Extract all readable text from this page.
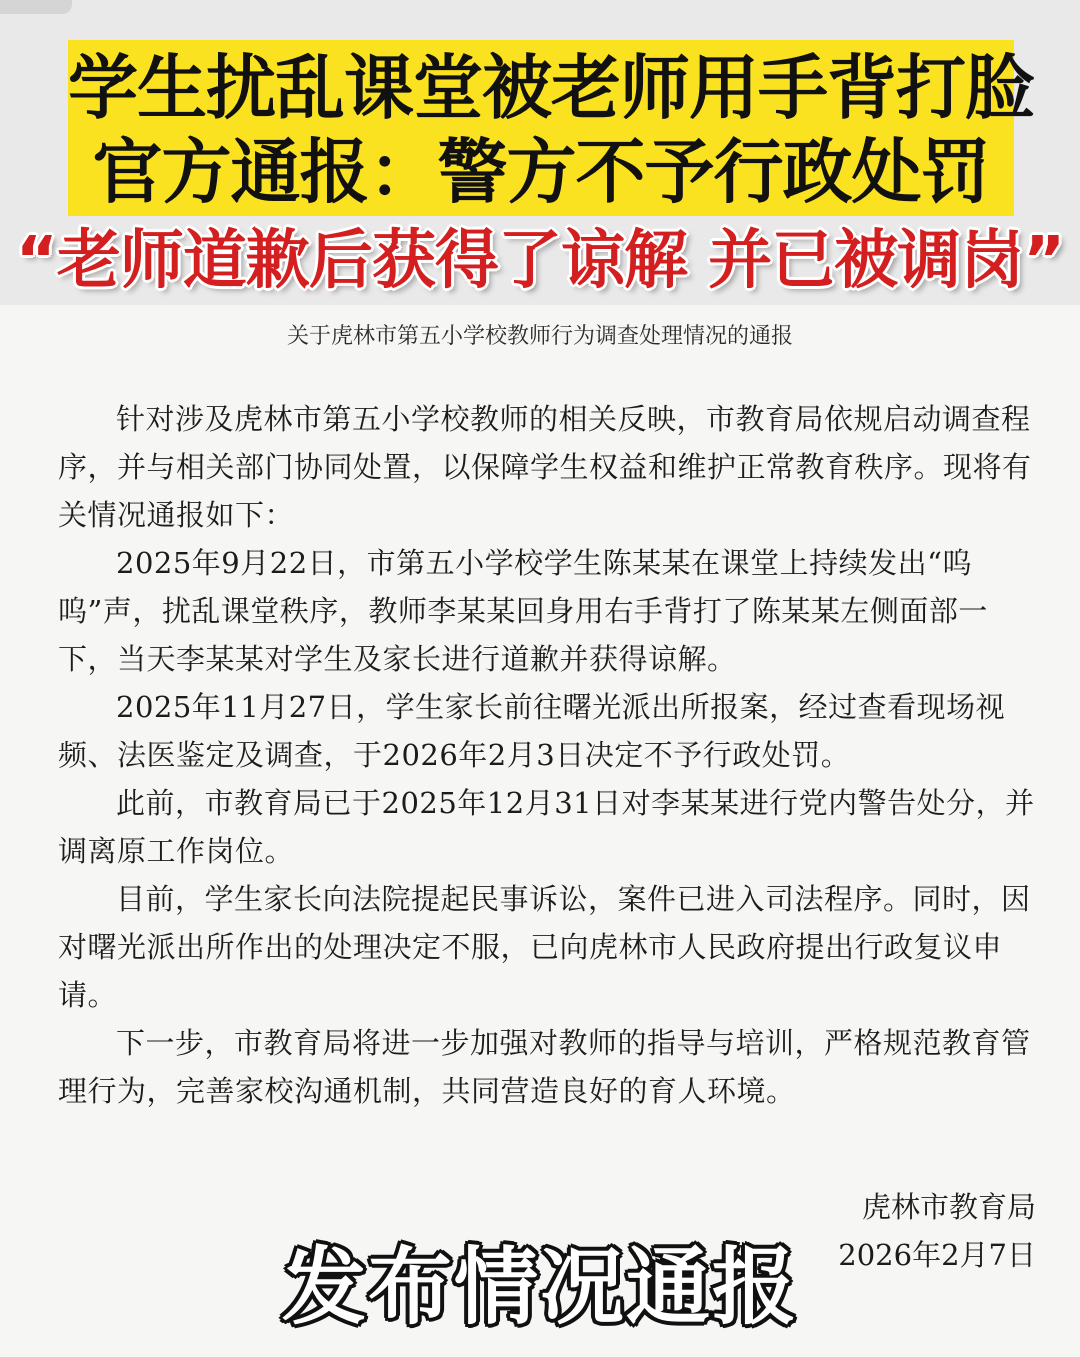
学生扰乱课堂被老师用手背打脸
官方通报：警方不予行政处罚
“老师道歉后获得了谅解 并已被调岗”
关于虎林市第五小学校教师行为调查处理情况的通报

针对涉及虎林市第五小学校教师的相关反映，市教育局依规启动调查程序，并与相关部门协同处置，以保障学生权益和维护正常教育秩序。现将有关情况通报如下：

2025年9月22日，市第五小学校学生陈某某在课堂上持续发出“呜呜”声，扰乱课堂秩序，教师李某某回身用右手背打了陈某某左侧面部一下，当天李某某对学生及家长进行道歉并获得谅解。

2025年11月27日，学生家长前往曙光派出所报案，经过查看现场视频、法医鉴定及调查，于2026年2月3日决定不予行政处罚。

此前，市教育局已于2025年12月31日对李某某进行党内警告处分，并调离原工作岗位。

目前，学生家长向法院提起民事诉讼，案件已进入司法程序。同时，因对曙光派出所作出的处理决定不服，已向虎林市人民政府提出行政复议申请。

下一步，市教育局将进一步加强对教师的指导与培训，严格规范教育管理行为，完善家校沟通机制，共同营造良好的育人环境。

虎林市教育局
2026年2月7日
发布情况通报
